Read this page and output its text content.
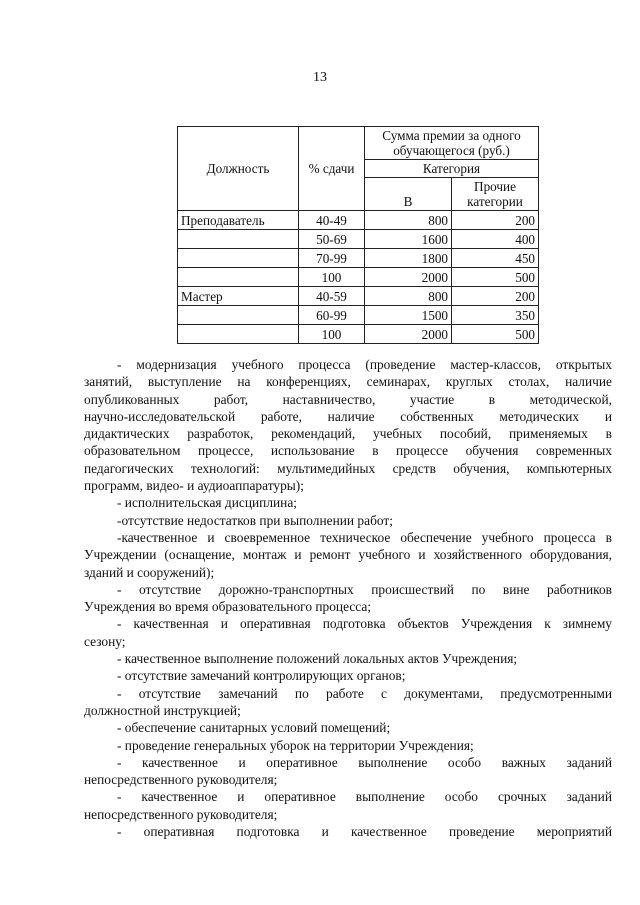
13
Должность	% сдачи	Сумма премии за одного
обучающегося (руб.)	
		Категория	
		В	Прочие
категории
Преподаватель	40-49	800	200
	50-69	1600	400
	70-99	1800	450
	100	2000	500
Мастер	40-59	800	200
	60-99	1500	350
	100	2000	500

- модернизация учебного процесса (проведение мастер-классов, открытых

занятий, выступление на конференциях, семинарах, круглых столах, наличие

опубликованных работ, наставничество, участие в методической,

научно-исследовательской работе, наличие собственных методических и

дидактических разработок, рекомендаций, учебных пособий, применяемых в

образовательном процессе, использование в процессе обучения современных

педагогических технологий: мультимедийных средств обучения, компьютерных

программ, видео- и аудиоаппаратуры);

- исполнительская дисциплина;

-отсутствие недостатков при выполнении работ;

-качественное и своевременное техническое обеспечение учебного процесса в

Учреждении (оснащение, монтаж и ремонт учебного и хозяйственного оборудования,

зданий и сооружений);

- отсутствие дорожно-транспортных происшествий по вине работников

Учреждения во время образовательного процесса;

- качественная и оперативная подготовка объектов Учреждения к зимнему

сезону;

- качественное выполнение положений локальных актов Учреждения;

- отсутствие замечаний контролирующих органов;

- отсутствие замечаний по работе с документами, предусмотренными

должностной инструкцией;

- обеспечение санитарных условий помещений;

- проведение генеральных уборок на территории Учреждения;

- качественное и оперативное выполнение особо важных заданий

непосредственного руководителя;

- качественное и оперативное выполнение особо срочных заданий

непосредственного руководителя;

- оперативная подготовка и качественное проведение мероприятий
